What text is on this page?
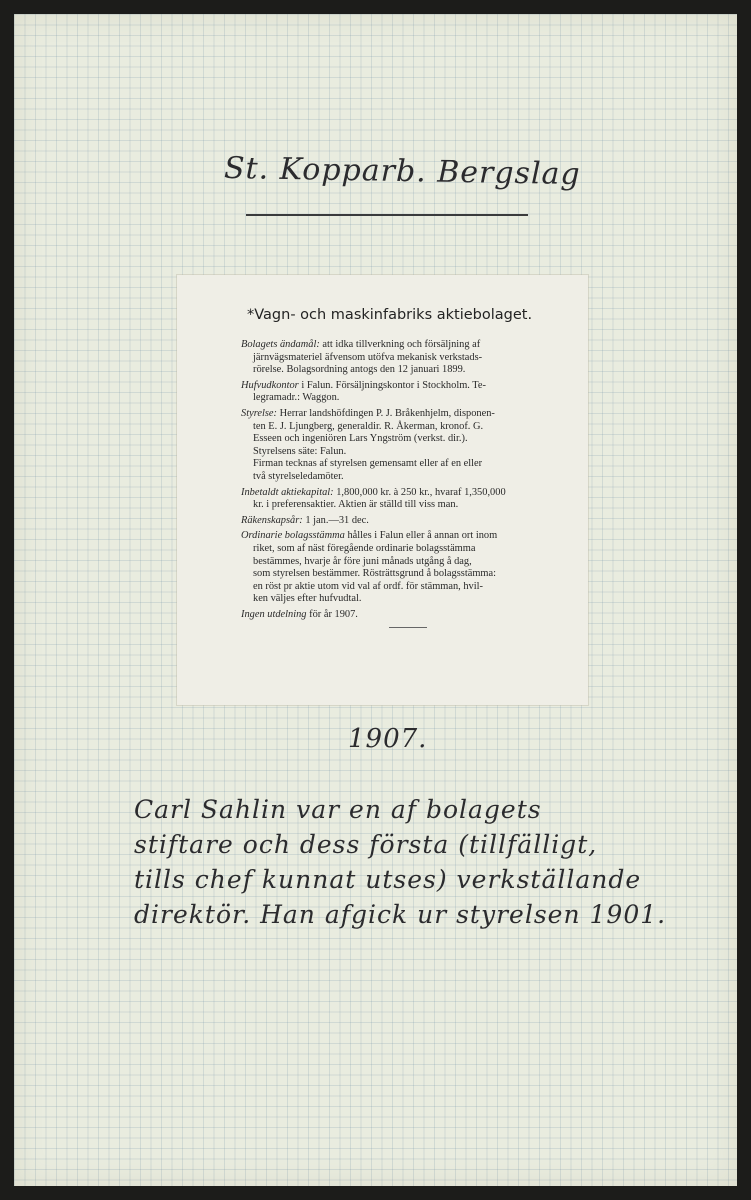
St. Kopparb. Bergslag
*Vagn- och maskinfabriks aktiebolaget.
Bolagets ändamål: att idka tillverkning och försäljning af
järnvägsmateriel äfvensom utöfva mekanisk verkstads-
rörelse. Bolagsordning antogs den 12 januari 1899.
Hufvudkontor i Falun. Försäljningskontor i Stockholm. Te-
legramadr.: Waggon.
Styrelse: Herrar landshöfdingen P. J. Bråkenhjelm, disponen-
ten E. J. Ljungberg, generaldir. R. Åkerman, kronof. G.
Esseen och ingeniören Lars Yngström (verkst. dir.).
Styrelsens säte: Falun.
Firman tecknas af styrelsen gemensamt eller af en eller
två styrelseledamöter.
Inbetaldt aktiekapital: 1,800,000 kr. à 250 kr., hvaraf 1,350,000
kr. i preferensaktier. Aktien är ställd till viss man.
Räkenskapsår: 1 jan.—31 dec.
Ordinarie bolagsstämma hålles i Falun eller å annan ort inom
riket, som af näst föregående ordinarie bolagsstämma
bestämmes, hvarje år före juni månads utgång å dag,
som styrelsen bestämmer. Rösträttsgrund å bolagsstämma:
en röst pr aktie utom vid val af ordf. för stämman, hvil-
ken väljes efter hufvudtal.
Ingen utdelning för år 1907.
1907.
Carl Sahlin var en af bolagets
stiftare och dess första (tillfälligt,
tills chef kunnat utses) verkställande
direktör. Han afgick ur styrelsen 1901.
